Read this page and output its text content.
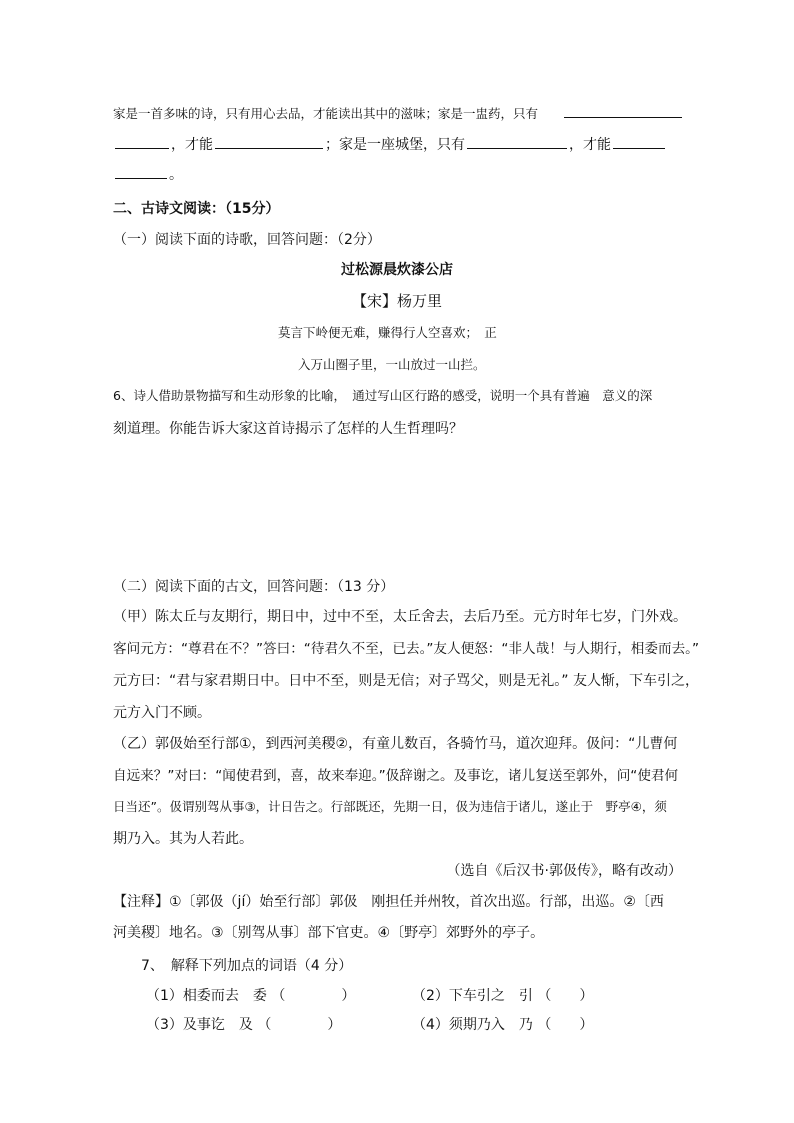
家是一首多味的诗，只有用心去品，才能读出其中的滋味；家是一盅药，只有
，才能	；家是一座城堡，只有	，才能
。
二、古诗文阅读：（15分）
（一）阅读下面的诗歌，回答问题：（2分）
过松源晨炊漆公店
【宋】杨万里
莫言下岭便无难，赚得行人空喜欢；　正
入万山圈子里，一山放过一山拦。
6、诗人借助景物描写和生动形象的比喻，　通过写山区行路的感受，说明一个具有普遍　意义的深
刻道理。你能告诉大家这首诗揭示了怎样的人生哲理吗？
（二）阅读下面的古文，回答问题：（13 分）
（甲）陈太丘与友期行，期日中，过中不至，太丘舍去，去后乃至。元方时年七岁，门外戏。
客问元方：“尊君在不？”答曰：“待君久不至，已去。”友人便怒：“非人哉！与人期行，相委而去。”
元方曰：“君与家君期日中。日中不至，则是无信；对子骂父，则是无礼。” 友人惭，下车引之，
元方入门不顾。
（乙）郭伋始至行部①，到西河美稷②，有童儿数百，各骑竹马，道次迎拜。伋问：“儿曹何
自远来？”对曰：“闻使君到，喜，故来奉迎。”伋辞谢之。及事讫，诸儿复送至郭外，问“使君何
日当还”。伋谓别驾从事③，计日告之。行部既还，先期一日，伋为违信于诸儿，遂止于　野亭④，须
期乃入。其为人若此。
（选自《后汉书·郭伋传》，略有改动）
【注释】①〔郭伋（jí）始至行部〕郭伋　刚担任并州牧，首次出巡。行部，出巡。②〔西
河美稷〕地名。③〔别驾从事〕部下官吏。④〔野亭〕郊野外的亭子。
7、　解释下列加点的词语（4 分）
（1）相委而去　委 （　　　　）	（2）下车引之　引 （　　）
（3）及事讫　及 （　　　　）	（4）须期乃入　乃 （　　）
